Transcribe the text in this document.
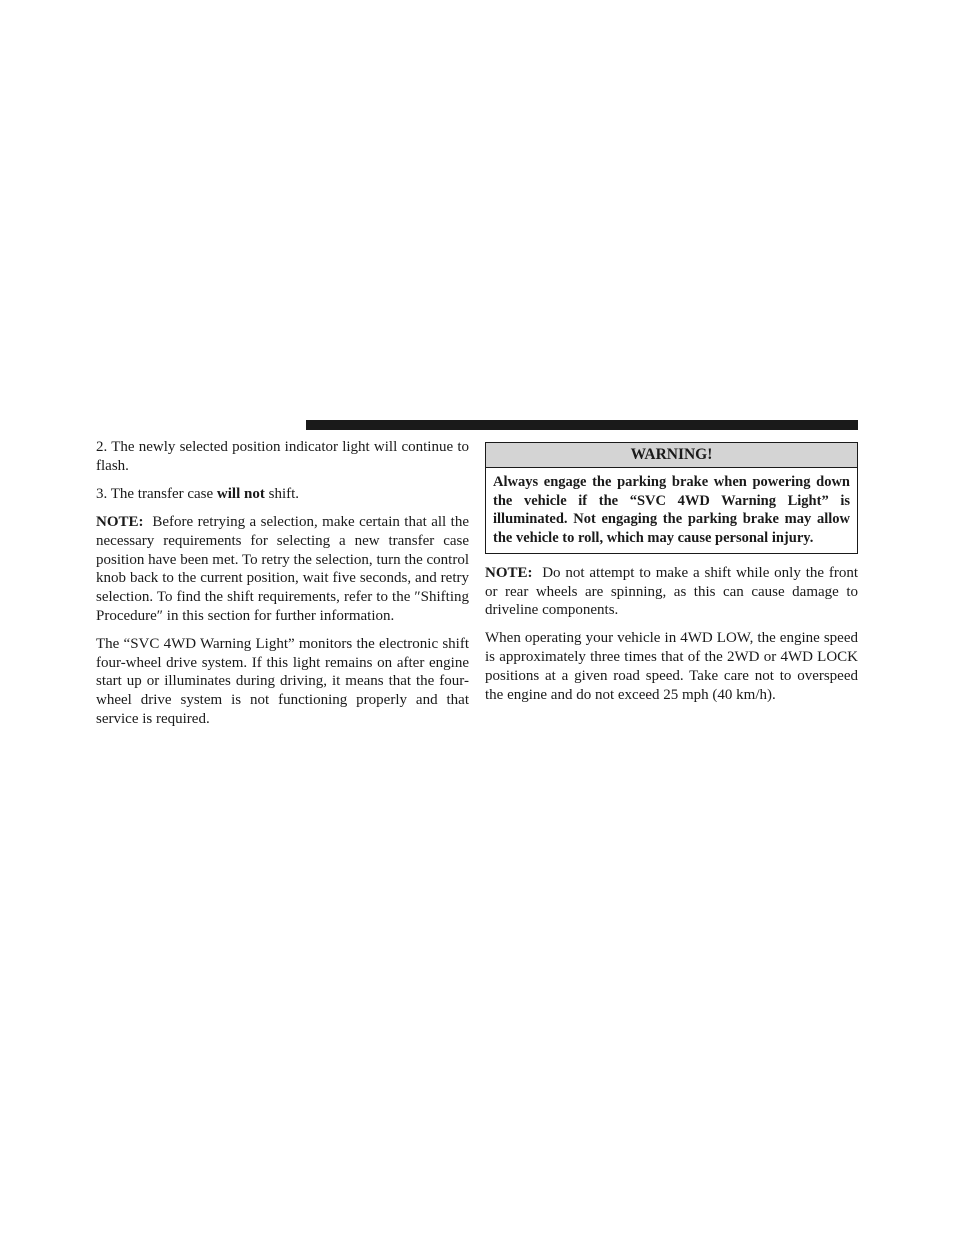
2. The newly selected position indicator light will continue to flash.

3. The transfer case will not shift.

NOTE: Before retrying a selection, make certain that all the necessary requirements for selecting a new transfer case position have been met. To retry the selection, turn the control knob back to the current position, wait five seconds, and retry selection. To find the shift requirements, refer to the ″Shifting Procedure″ in this section for further information.

The “SVC 4WD Warning Light” monitors the electronic shift four-wheel drive system. If this light remains on after engine start up or illuminates during driving, it means that the four-wheel drive system is not functioning properly and that service is required.

WARNING!
Always engage the parking brake when powering down the vehicle if the “SVC 4WD Warning Light” is illuminated. Not engaging the parking brake may allow the vehicle to roll, which may cause personal injury.

NOTE: Do not attempt to make a shift while only the front or rear wheels are spinning, as this can cause damage to driveline components.

When operating your vehicle in 4WD LOW, the engine speed is approximately three times that of the 2WD or 4WD LOCK positions at a given road speed. Take care not to overspeed the engine and do not exceed 25 mph (40 km/h).
